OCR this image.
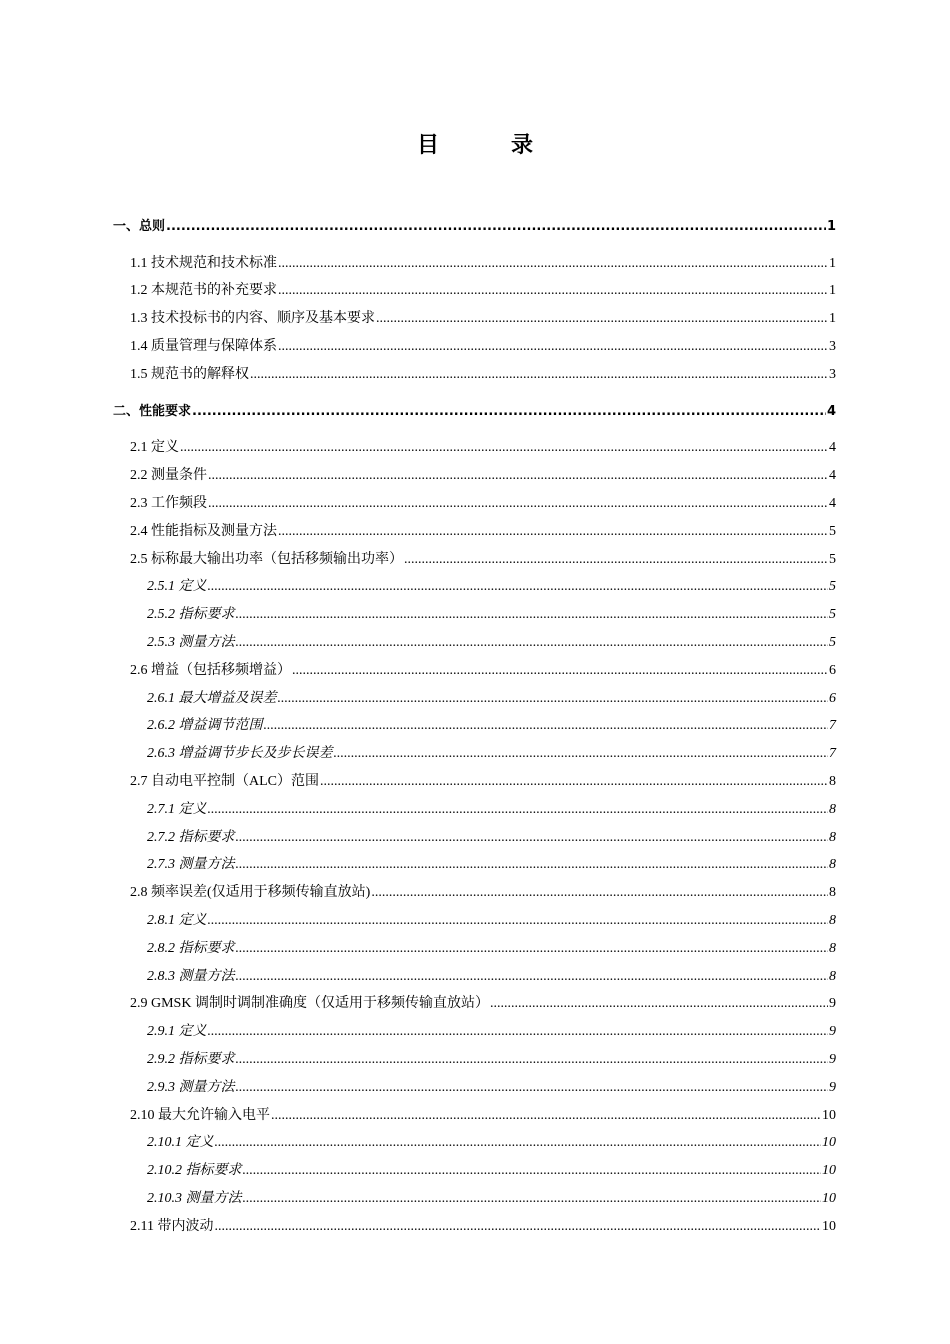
目	录
一、总则 .....	1
1.1 技术规范和技术标准 .....	1
1.2 本规范书的补充要求 .....	1
1.3 技术投标书的内容、顺序及基本要求 .....	1
1.4 质量管理与保障体系 .....	3
1.5 规范书的解释权 .....	3
二、性能要求 .....	4
2.1 定义 .....	4
2.2 测量条件 .....	4
2.3 工作频段 .....	4
2.4 性能指标及测量方法 .....	5
2.5 标称最大输出功率（包括移频输出功率） .....	5
2.5.1 定义 .....	5
2.5.2 指标要求 .....	5
2.5.3 测量方法 .....	5
2.6 增益（包括移频增益） .....	6
2.6.1 最大增益及误差 .....	6
2.6.2 增益调节范围 .....	7
2.6.3 增益调节步长及步长误差 .....	7
2.7 自动电平控制（ALC）范围 .....	8
2.7.1 定义 .....	8
2.7.2 指标要求 .....	8
2.7.3 测量方法 .....	8
2.8 频率误差(仅适用于移频传输直放站) .....	8
2.8.1 定义 .....	8
2.8.2 指标要求 .....	8
2.8.3 测量方法 .....	8
2.9 GMSK 调制时调制准确度（仅适用于移频传输直放站） .....	9
2.9.1 定义 .....	9
2.9.2 指标要求 .....	9
2.9.3 测量方法 .....	9
2.10 最大允许输入电平 .....	10
2.10.1 定义 .....	10
2.10.2 指标要求 .....	10
2.10.3 测量方法 .....	10
2.11 带内波动 .....	10
